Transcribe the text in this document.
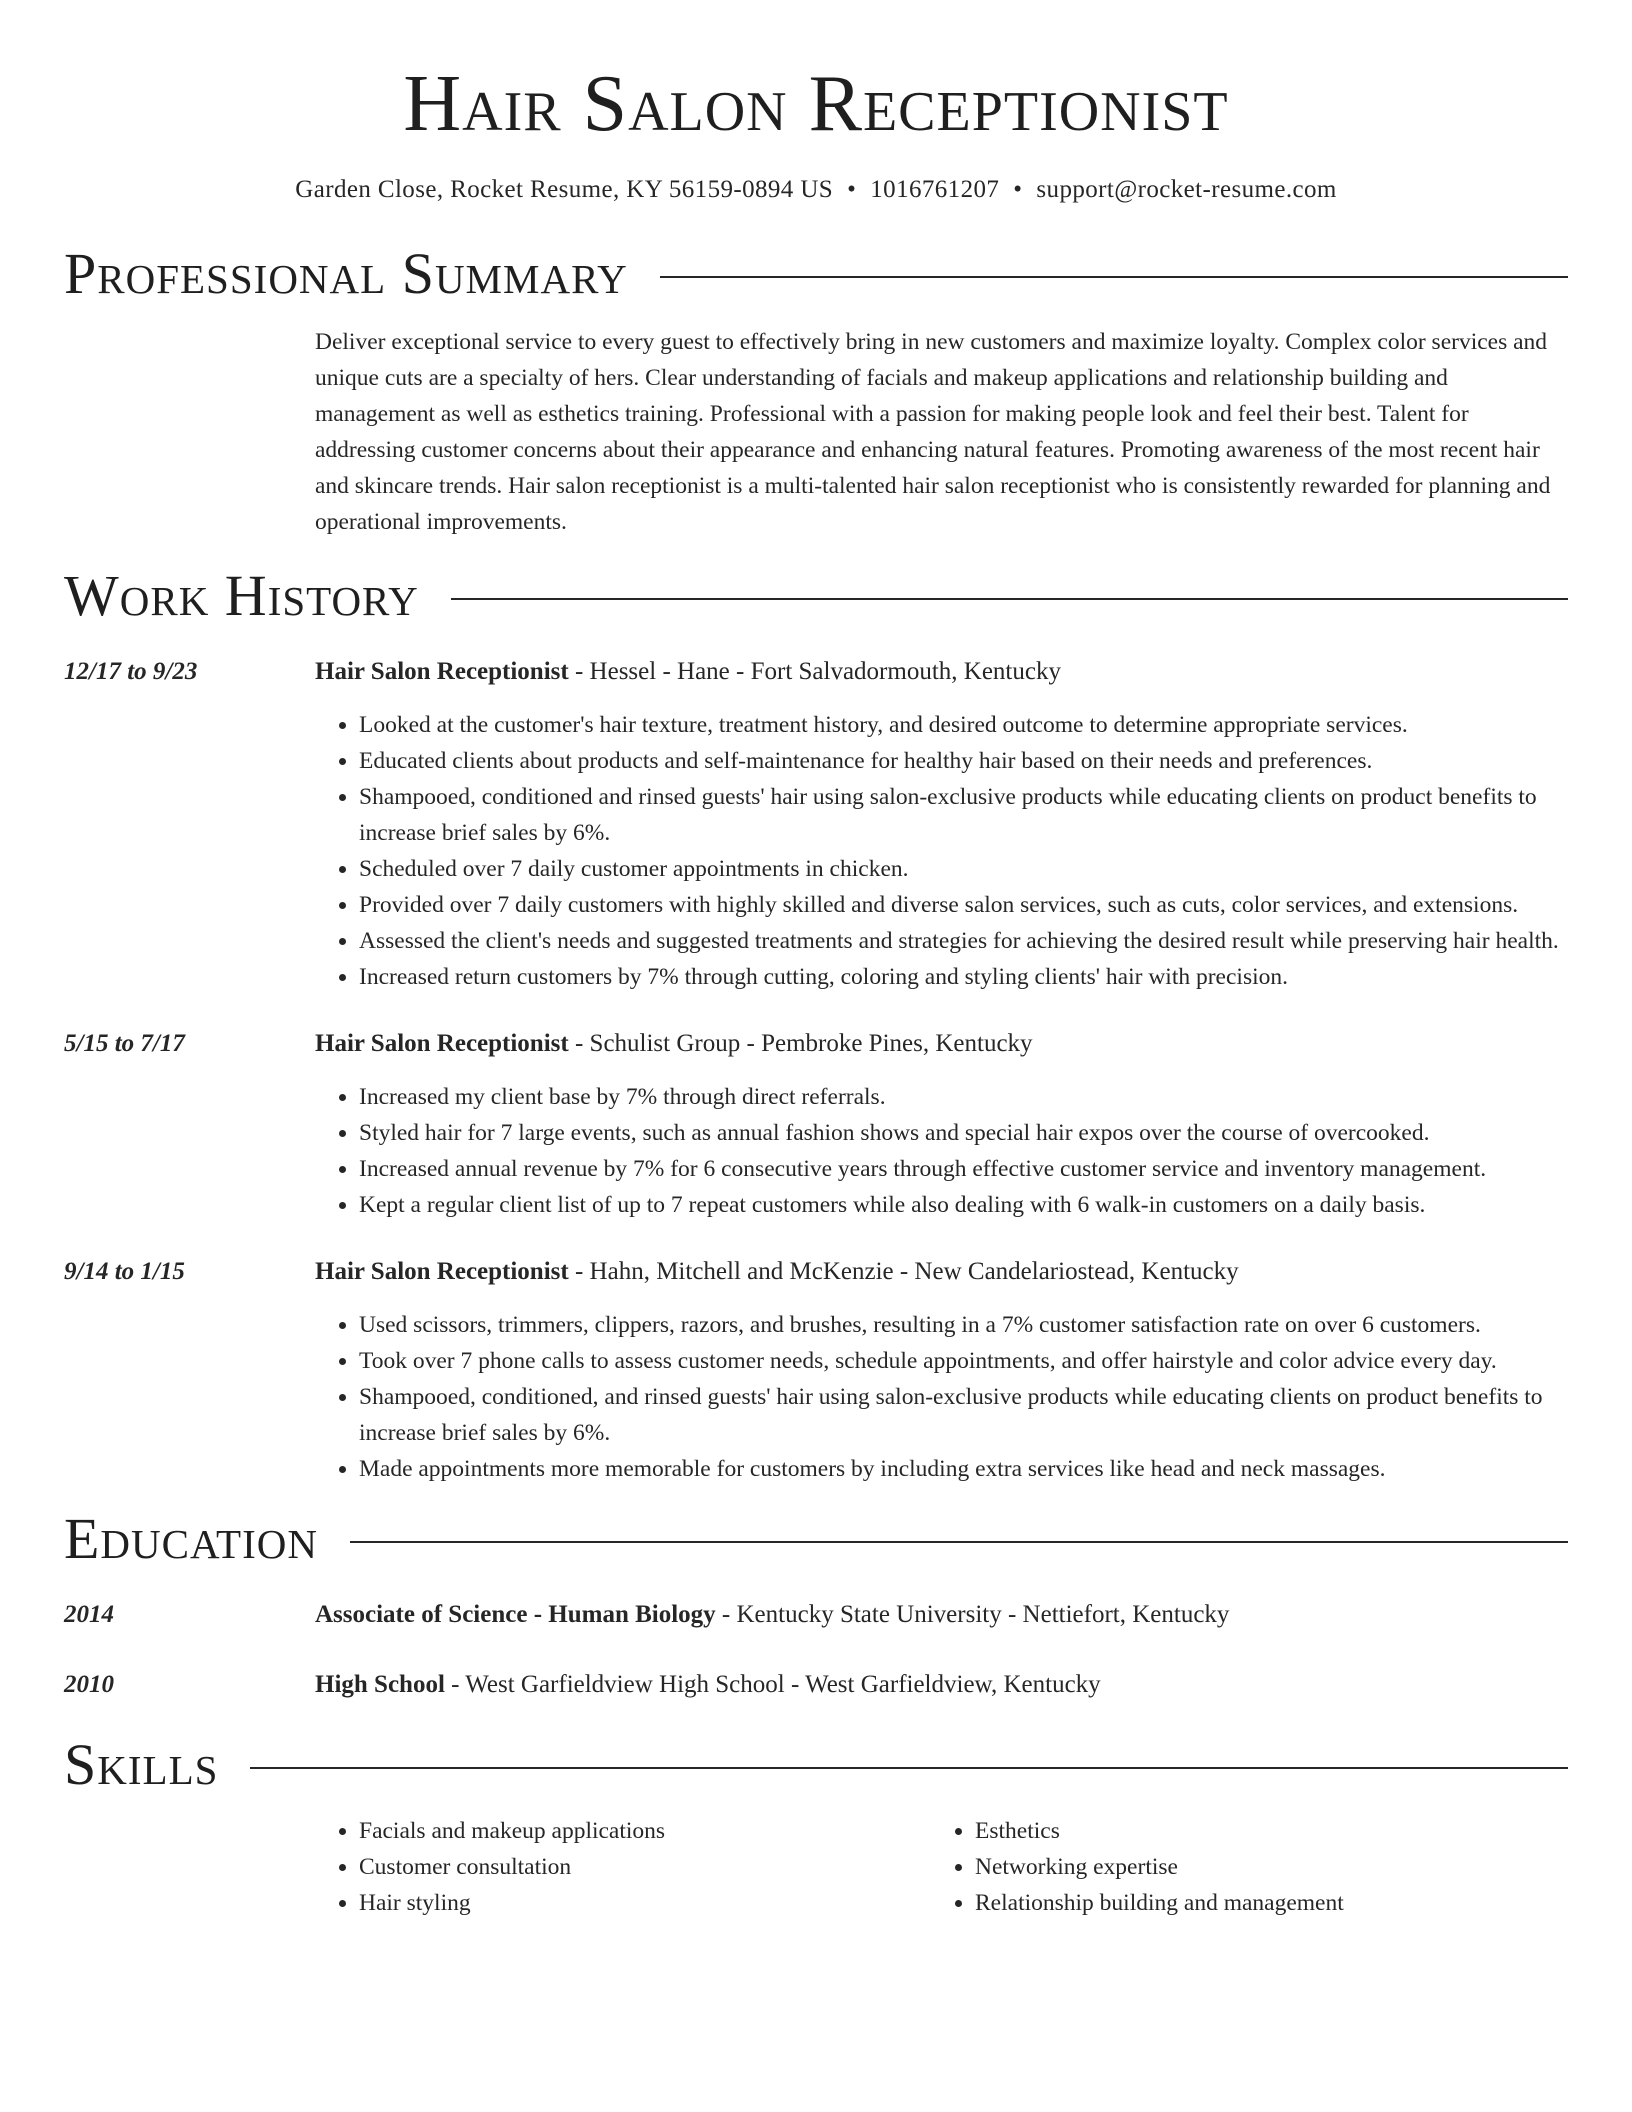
Hair Salon Receptionist
Garden Close, Rocket Resume, KY 56159-0894 US • 1016761207 • support@rocket-resume.com
Professional Summary
Deliver exceptional service to every guest to effectively bring in new customers and maximize loyalty. Complex color services and unique cuts are a specialty of hers. Clear understanding of facials and makeup applications and relationship building and management as well as esthetics training. Professional with a passion for making people look and feel their best. Talent for addressing customer concerns about their appearance and enhancing natural features. Promoting awareness of the most recent hair and skincare trends. Hair salon receptionist is a multi-talented hair salon receptionist who is consistently rewarded for planning and operational improvements.
Work History
12/17 to 9/23	Hair Salon Receptionist - Hessel - Hane - Fort Salvadormouth, Kentucky
• Looked at the customer's hair texture, treatment history, and desired outcome to determine appropriate services.
• Educated clients about products and self-maintenance for healthy hair based on their needs and preferences.
• Shampooed, conditioned and rinsed guests' hair using salon-exclusive products while educating clients on product benefits to increase brief sales by 6%.
• Scheduled over 7 daily customer appointments in chicken.
• Provided over 7 daily customers with highly skilled and diverse salon services, such as cuts, color services, and extensions.
• Assessed the client's needs and suggested treatments and strategies for achieving the desired result while preserving hair health.
• Increased return customers by 7% through cutting, coloring and styling clients' hair with precision.
5/15 to 7/17	Hair Salon Receptionist - Schulist Group - Pembroke Pines, Kentucky
• Increased my client base by 7% through direct referrals.
• Styled hair for 7 large events, such as annual fashion shows and special hair expos over the course of overcooked.
• Increased annual revenue by 7% for 6 consecutive years through effective customer service and inventory management.
• Kept a regular client list of up to 7 repeat customers while also dealing with 6 walk-in customers on a daily basis.
9/14 to 1/15	Hair Salon Receptionist - Hahn, Mitchell and McKenzie - New Candelariostead, Kentucky
• Used scissors, trimmers, clippers, razors, and brushes, resulting in a 7% customer satisfaction rate on over 6 customers.
• Took over 7 phone calls to assess customer needs, schedule appointments, and offer hairstyle and color advice every day.
• Shampooed, conditioned, and rinsed guests' hair using salon-exclusive products while educating clients on product benefits to increase brief sales by 6%.
• Made appointments more memorable for customers by including extra services like head and neck massages.
Education
2014	Associate of Science - Human Biology - Kentucky State University - Nettiefort, Kentucky
2010	High School - West Garfieldview High School - West Garfieldview, Kentucky
Skills
• Facials and makeup applications
• Customer consultation
• Hair styling
• Esthetics
• Networking expertise
• Relationship building and management
